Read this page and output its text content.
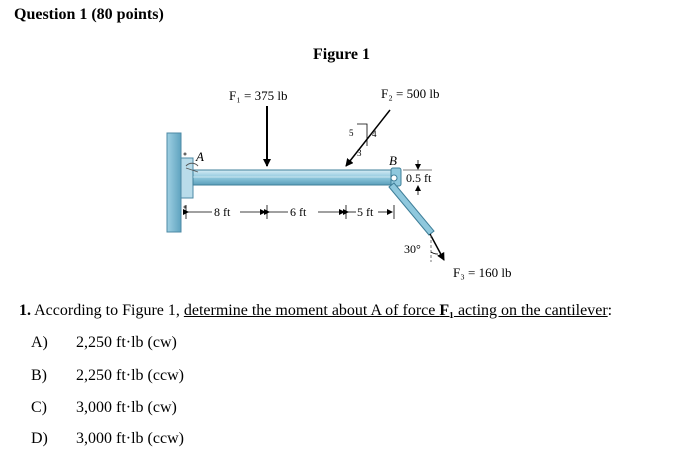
Question 1 (80 points)
A	B
F₁ = 375 lb	F₂ = 500 lb
5 4
3
30°
F₃ = 160 lb
0.5 ft
8 ft	6 ft	5 ft
Figure 1
1. According to Figure 1, determine the moment about A of force F₁ acting on the cantilever:
A) 2,250 ft·lb (cw)
B) 2,250 ft·lb (ccw)
C) 3,000 ft·lb (cw)
D) 3,000 ft·lb (ccw)
